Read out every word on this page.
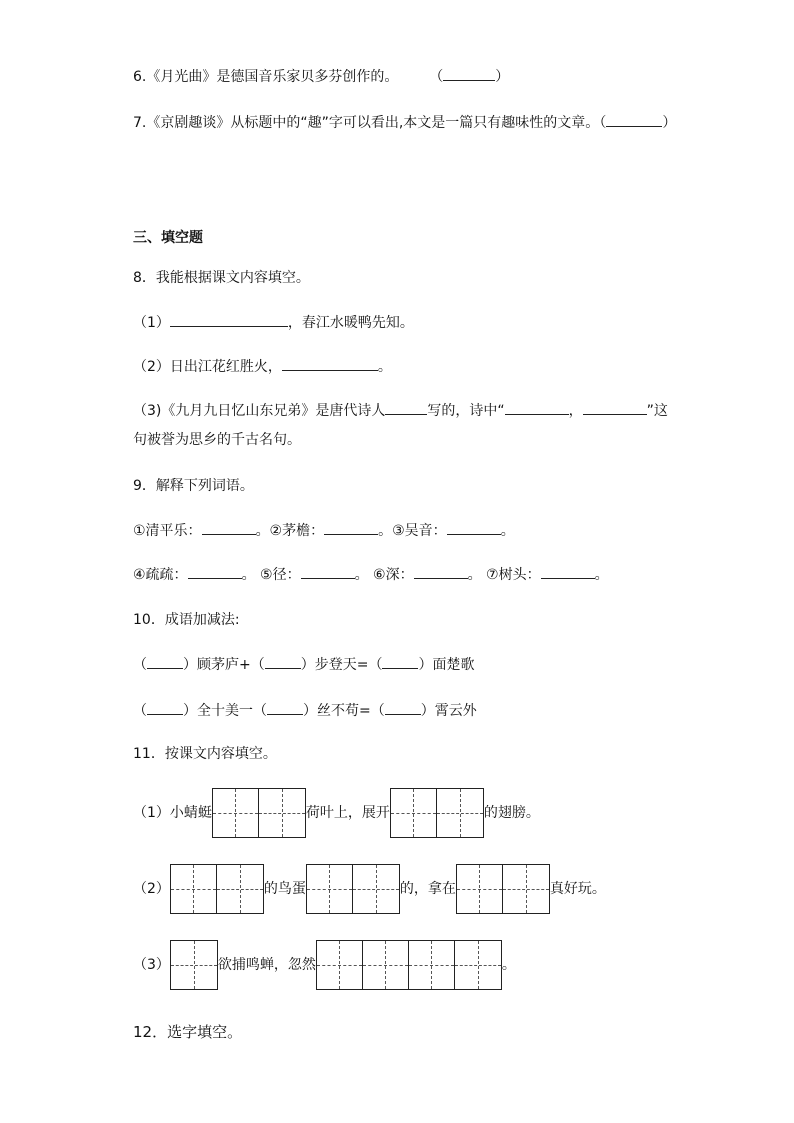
6.《月光曲》是德国音乐家贝多芬创作的。 （	）
7.《京剧趣谈》从标题中的“趣”字可以看出,本文是一篇只有趣味性的文章。（	）
三、填空题
8．我能根据课文内容填空。
（1）	，春江水暖鸭先知。
（2）日出江花红胜火，	。
（3)《九月九日忆山东兄弟》是唐代诗人	写的，诗中“	，	”这
句被誉为思乡的千古名句。
9．解释下列词语。
①清平乐：	。②茅檐：	。③吴音：	。
④疏疏：	。 ⑤径：	。 ⑥深：	。 ⑦树头：	。
10．成语加减法:
（	）顾茅庐+（	）步登天=（	）面楚歌
（	）全十美一（	）丝不苟=（	）霄云外
11．按课文内容填空。
（1）小蜻蜓	荷叶上，展开	的翅膀。
（2）	的鸟蛋	的，拿在	真好玩。
（3）	欲捕鸣蝉，忽然	。
12．选字填空。
